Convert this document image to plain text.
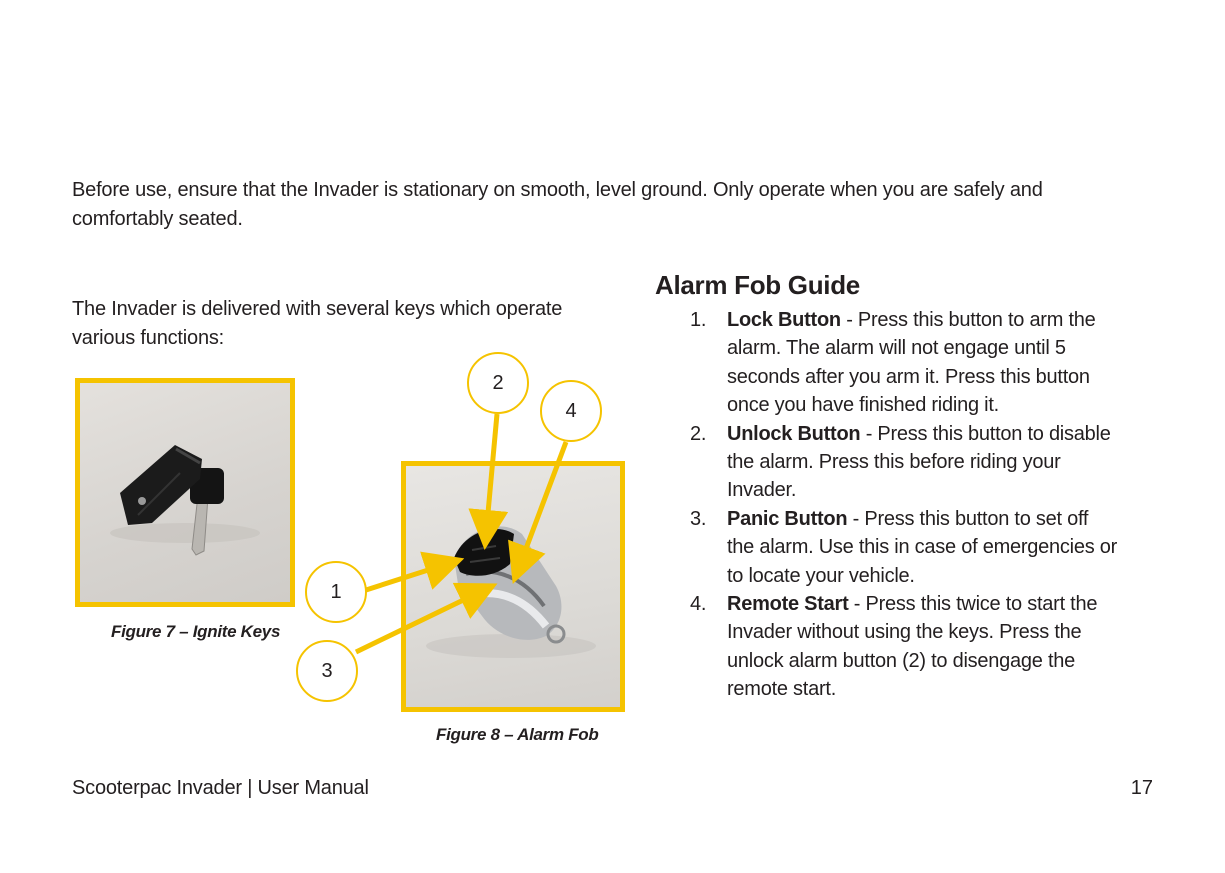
Before use, ensure that the Invader is stationary on smooth, level ground. Only operate when you are safely and comfortably seated.

The Invader is delivered with several keys which operate various functions:

Figure 7 – Ignite Keys
Figure 8 – Alarm Fob
1
2
3
4
Alarm Fob Guide
1. Lock Button - Press this button to arm the alarm. The alarm will not engage until 5 seconds after you arm it. Press this button once you have finished riding it.
2. Unlock Button - Press this button to disable the alarm. Press this before riding your Invader.
3. Panic Button - Press this button to set off the alarm. Use this in case of emergencies or to locate your vehicle.
4. Remote Start - Press this twice to start the Invader without using the keys. Press the unlock alarm button (2) to disengage the remote start.
Scooterpac Invader | User Manual	17
